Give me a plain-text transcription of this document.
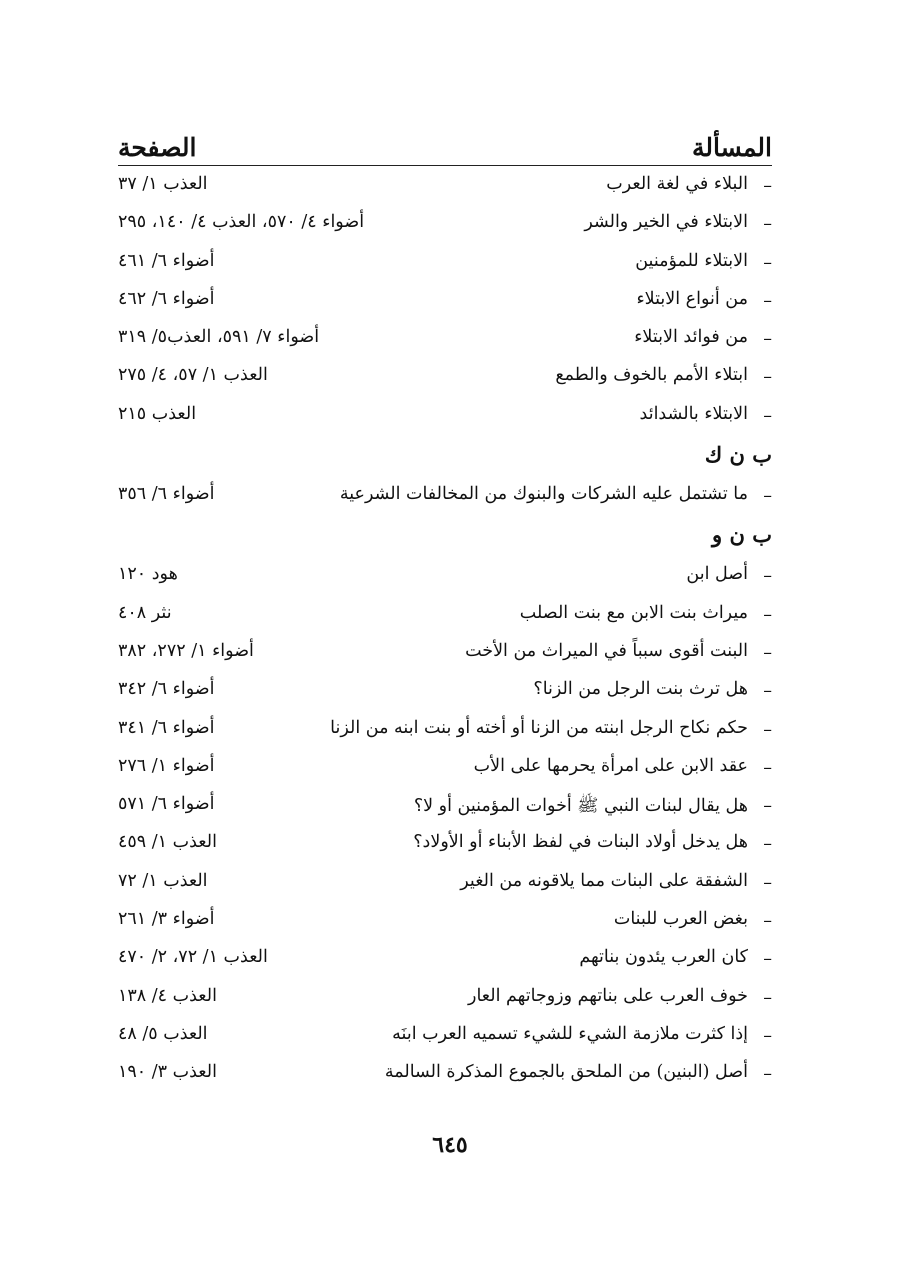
الصفحة	المسألة
–
البلاء في لغة العرب
العذب ١/ ٣٧
–
الابتلاء في الخير والشر
أضواء ٤/ ٥٧٠، العذب ٤/ ١٤٠، ٢٩٥
–
الابتلاء للمؤمنين
أضواء ٦/ ٤٦١
–
من أنواع الابتلاء
أضواء ٦/ ٤٦٢
–
من فوائد الابتلاء
أضواء ٧/ ٥٩١، العذب٥/ ٣١٩
–
ابتلاء الأمم بالخوف والطمع
العذب ١/ ٥٧، ٤/ ٢٧٥
–
الابتلاء بالشدائد
العذب ٢١٥
ب ن ك
–
ما تشتمل عليه الشركات والبنوك من المخالفات الشرعية
أضواء ٦/ ٣٥٦
ب ن و
–
أصل ابن
هود ١٢٠
–
ميراث بنت الابن مع بنت الصلب
نثر ٤٠٨
–
البنت أقوى سبباً في الميراث من الأخت
أضواء ١/ ٢٧٢، ٣٨٢
–
هل ترث بنت الرجل من الزنا؟
أضواء ٦/ ٣٤٢
–
حكم نكاح الرجل ابنته من الزنا أو أخته أو بنت ابنه من الزنا
أضواء ٦/ ٣٤١
–
عقد الابن على امرأة يحرمها على الأب
أضواء ١/ ٢٧٦
–
هل يقال لبنات النبي ﷺ أخوات المؤمنين أو لا؟
أضواء ٦/ ٥٧١
–
هل يدخل أولاد البنات في لفظ الأبناء أو الأولاد؟
العذب ١/ ٤٥٩
–
الشفقة على البنات مما يلاقونه من الغير
العذب ١/ ٧٢
–
بغض العرب للبنات
أضواء ٣/ ٢٦١
–
كان العرب يئدون بناتهم
العذب ١/ ٧٢، ٢/ ٤٧٠
–
خوف العرب على بناتهم وزوجاتهم العار
العذب ٤/ ١٣٨
–
إذا كثرت ملازمة الشيء للشيء تسميه العرب ابنَه
العذب ٥/ ٤٨
–
أصل (البنين) من الملحق بالجموع المذكرة السالمة
العذب ٣/ ١٩٠
٦٤٥
